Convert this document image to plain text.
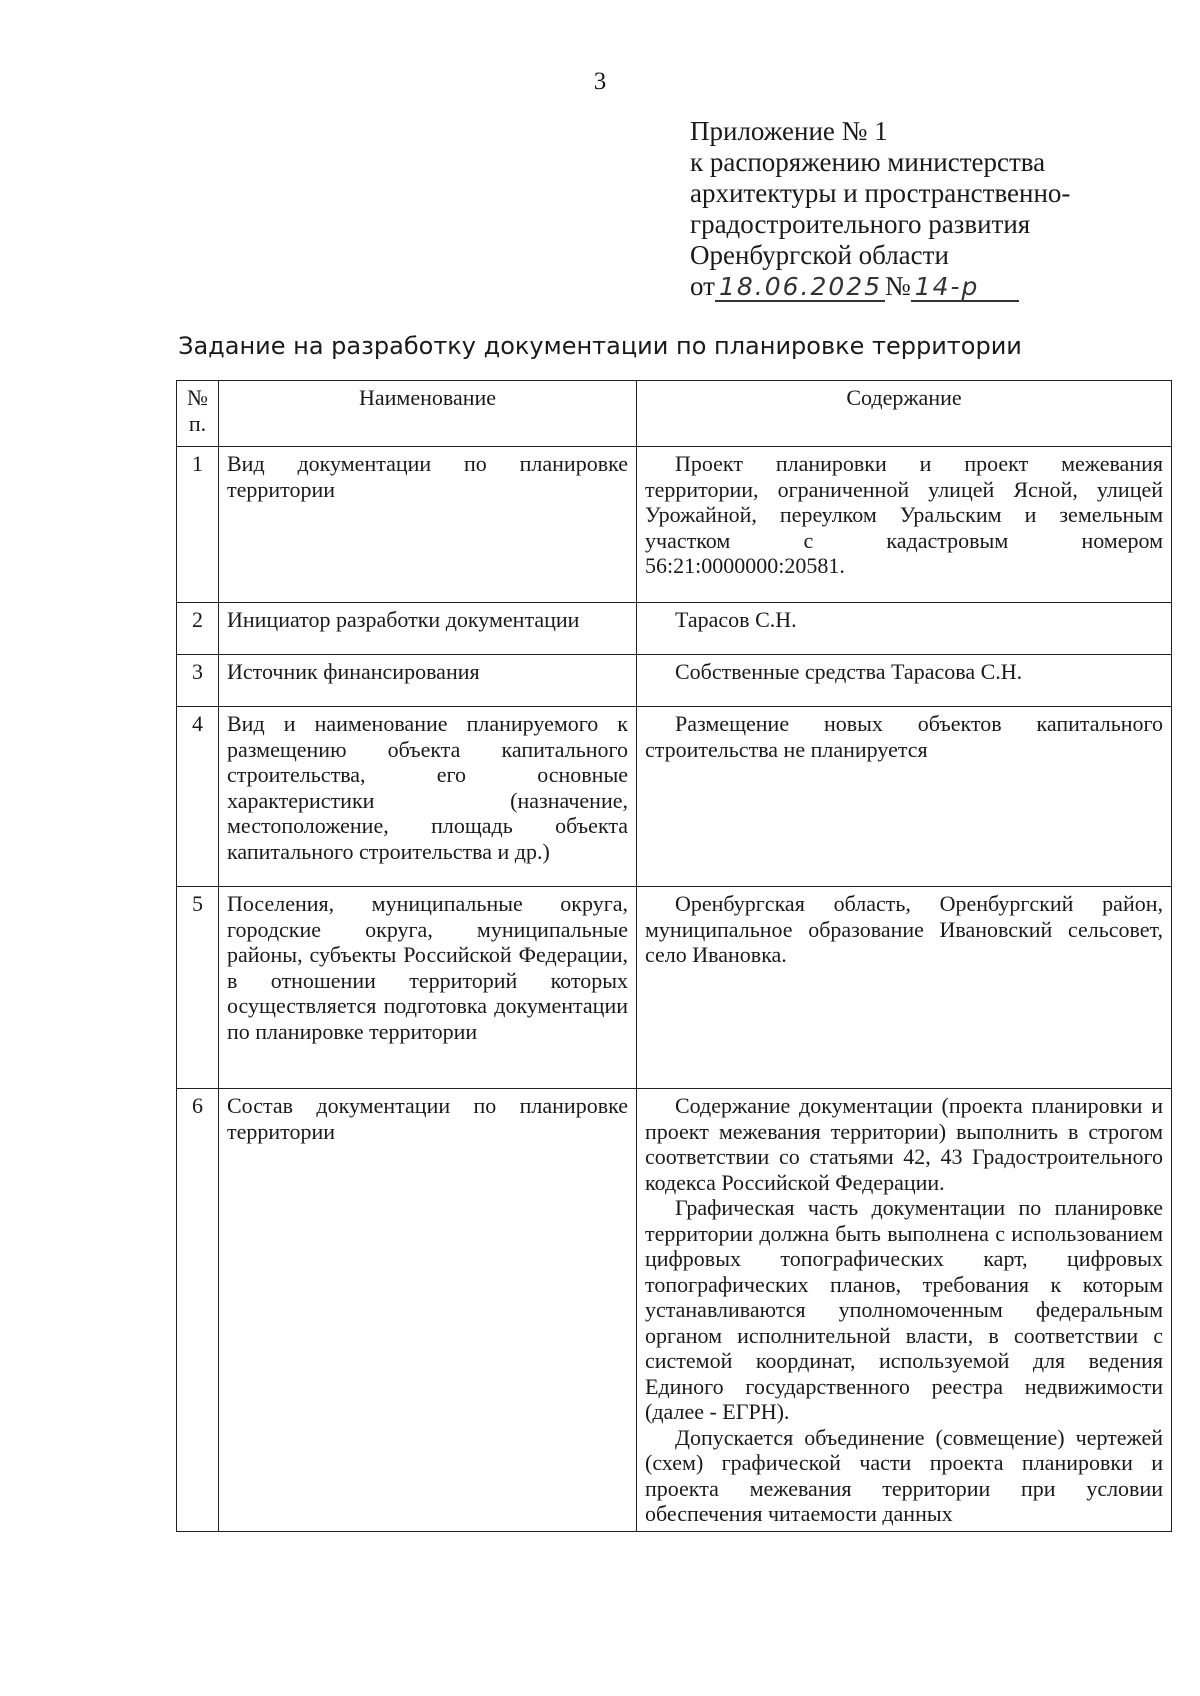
3
Приложение № 1
к распоряжению министерства
архитектуры и пространственно-
градостроительного развития
Оренбургской области
от 18.06.2025 № 14-р
Задание на разработку документации по планировке территории
№ п.	Наименование	Содержание
1	Вид документации по планировке территории	Проект планировки и проект межевания территории, ограниченной улицей Ясной, улицей Урожайной, переулком Уральским и земельным участком с кадастровым номером 56:21:0000000:20581.

2	Инициатор разработки документации	Тарасов С.Н.

3	Источник финансирования	Собственные средства Тарасова С.Н.

4	Вид и наименование планируемого к размещению объекта капитального строительства, его основные характеристики (назначение, местоположение, площадь объекта капитального строительства и др.)	Размещение новых объектов капитального строительства не планируется

5	Поселения, муниципальные округа, городские округа, муниципальные районы, субъекты Российской Федерации, в отношении территорий которых осуществляется подготовка документации по планировке территории	Оренбургская область, Оренбургский район, муниципальное образование Ивановский сельсовет, село Ивановка.

6	Состав документации по планировке территории	Содержание документации (проекта планировки и проект межевания территории) выполнить в строгом соответствии со статьями 42, 43 Градостроительного кодекса Российской Федерации.

Графическая часть документации по планировке территории должна быть выполнена с использованием цифровых топографических карт, цифровых топографических планов, требования к которым устанавливаются уполномоченным федеральным органом исполнительной власти, в соответствии с системой координат, используемой для ведения Единого государственного реестра недвижимости (далее - ЕГРН).

Допускается объединение (совмещение) чертежей (схем) графической части проекта планировки и проекта межевания территории при условии обеспечения читаемости данных
